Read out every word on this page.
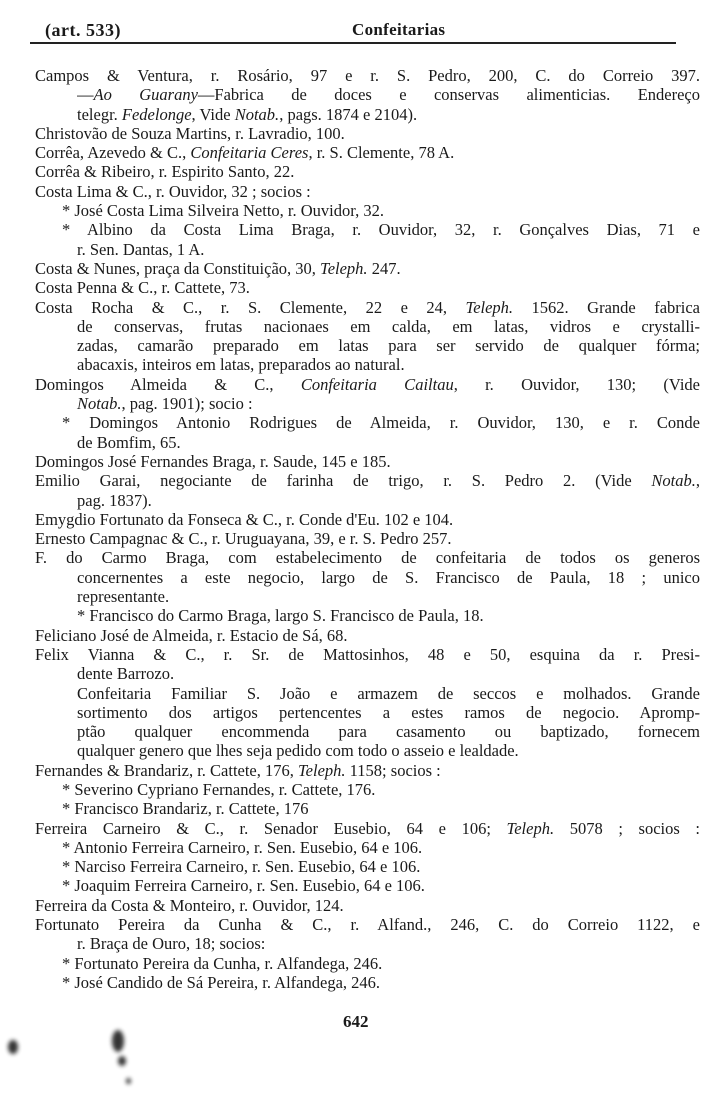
(art. 533)	Confeitarias
Campos & Ventura, r. Rosário, 97 e r. S. Pedro, 200, C. do Correio 397.
—Ao Guarany—Fabrica de doces e conservas alimenticias. Endereço
telegr. Fedelonge, Vide Notab., pags. 1874 e 2104).
Christovão de Souza Martins, r. Lavradio, 100.
Corrêa, Azevedo & C., Confeitaria Ceres, r. S. Clemente, 78 A.
Corrêa & Ribeiro, r. Espirito Santo, 22.
Costa Lima & C., r. Ouvidor, 32 ; socios :
* José Costa Lima Silveira Netto, r. Ouvidor, 32.
* Albino da Costa Lima Braga, r. Ouvidor, 32, r. Gonçalves Dias, 71 e
r. Sen. Dantas, 1 A.
Costa & Nunes, praça da Constituição, 30, Teleph. 247.
Costa Penna & C., r. Cattete, 73.
Costa Rocha & C., r. S. Clemente, 22 e 24, Teleph. 1562. Grande fabrica
de conservas, frutas nacionaes em calda, em latas, vidros e crystalli-
zadas, camarão preparado em latas para ser servido de qualquer fórma;
abacaxis, inteiros em latas, preparados ao natural.
Domingos Almeida & C., Confeitaria Cailtau, r. Ouvidor, 130; (Vide
Notab., pag. 1901); socio :
* Domingos Antonio Rodrigues de Almeida, r. Ouvidor, 130, e r. Conde
de Bomfim, 65.
Domingos José Fernandes Braga, r. Saude, 145 e 185.
Emilio Garai, negociante de farinha de trigo, r. S. Pedro 2. (Vide Notab.,
pag. 1837).
Emygdio Fortunato da Fonseca & C., r. Conde d'Eu. 102 e 104.
Ernesto Campagnac & C., r. Uruguayana, 39, e r. S. Pedro 257.
F. do Carmo Braga, com estabelecimento de confeitaria de todos os generos
concernentes a este negocio, largo de S. Francisco de Paula, 18 ; unico
representante.
* Francisco do Carmo Braga, largo S. Francisco de Paula, 18.
Feliciano José de Almeida, r. Estacio de Sá, 68.
Felix Vianna & C., r. Sr. de Mattosinhos, 48 e 50, esquina da r. Presi-
dente Barrozo.
Confeitaria Familiar S. João e armazem de seccos e molhados. Grande
sortimento dos artigos pertencentes a estes ramos de negocio. Apromp-
ptão qualquer encommenda para casamento ou baptizado, fornecem
qualquer genero que lhes seja pedido com todo o asseio e lealdade.
Fernandes & Brandariz, r. Cattete, 176, Teleph. 1158; socios :
* Severino Cypriano Fernandes, r. Cattete, 176.
* Francisco Brandariz, r. Cattete, 176
Ferreira Carneiro & C., r. Senador Eusebio, 64 e 106; Teleph. 5078 ; socios :
* Antonio Ferreira Carneiro, r. Sen. Eusebio, 64 e 106.
* Narciso Ferreira Carneiro, r. Sen. Eusebio, 64 e 106.
* Joaquim Ferreira Carneiro, r. Sen. Eusebio, 64 e 106.
Ferreira da Costa & Monteiro, r. Ouvidor, 124.
Fortunato Pereira da Cunha & C., r. Alfand., 246, C. do Correio 1122, e
r. Braça de Ouro, 18; socios:
* Fortunato Pereira da Cunha, r. Alfandega, 246.
* José Candido de Sá Pereira, r. Alfandega, 246.
642
